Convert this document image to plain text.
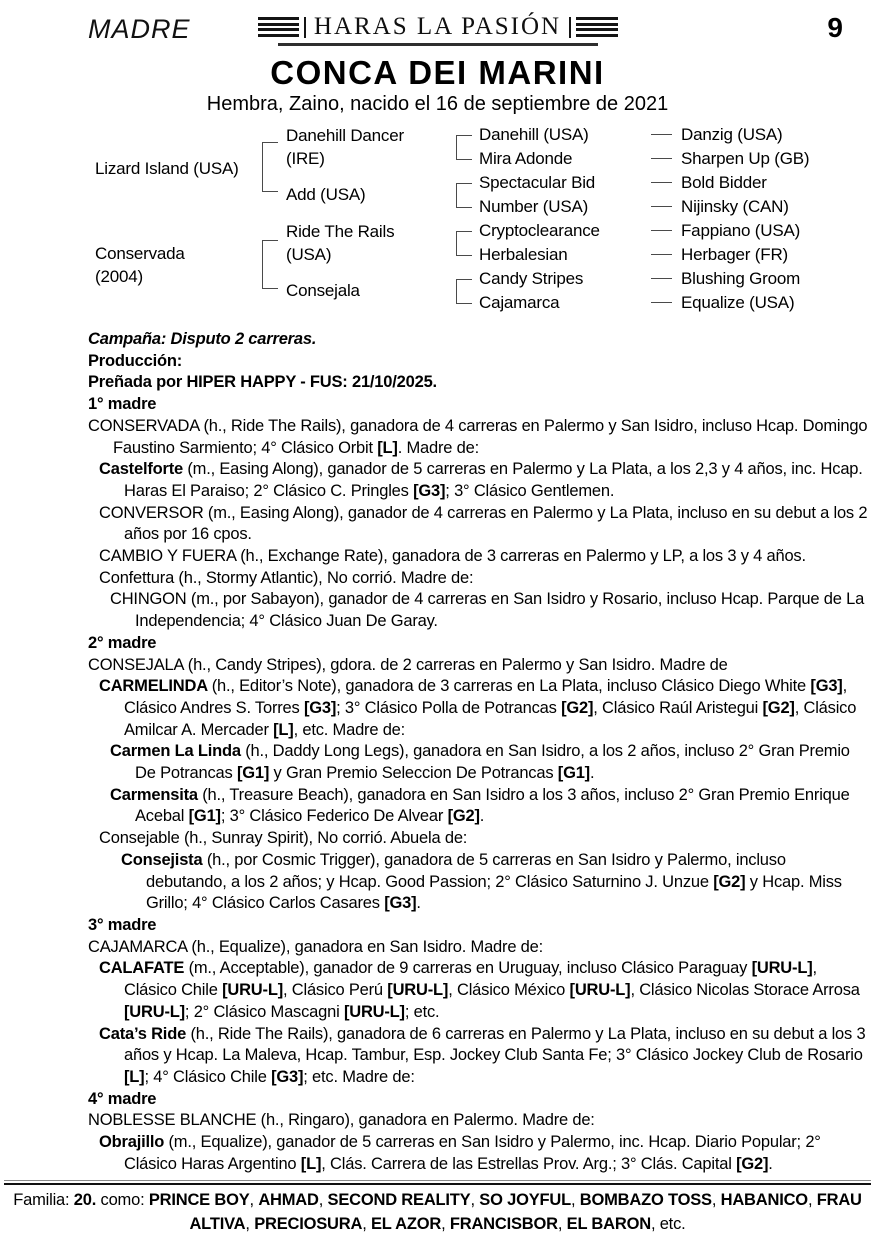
MADRE	HARAS LA PASIÓN	9
CONCA DEI MARINI
Hembra, Zaino, nacido el 16 de septiembre de 2021
Lizard Island (USA)
Conservada (2004)
Danehill Dancer (IRE)
Add (USA)
Ride The Rails (USA)
Consejala
Danehill (USA)
Mira Adonde
Spectacular Bid
Number (USA)
Cryptoclearance
Herbalesian
Candy Stripes
Cajamarca
Danzig (USA)
Sharpen Up (GB)
Bold Bidder
Nijinsky (CAN)
Fappiano (USA)
Herbager (FR)
Blushing Groom
Equalize (USA)

Campaña: Disputo 2 carreras.

Producción:

Preñada por HIPER HAPPY - FUS: 21/10/2025.

1° madre

CONSERVADA (h., Ride The Rails), ganadora de 4 carreras en Palermo y San Isidro, incluso Hcap. Domingo Faustino Sarmiento; 4° Clásico Orbit [L]. Madre de:

Castelforte (m., Easing Along), ganador de 5 carreras en Palermo y La Plata, a los 2,3 y 4 años, inc. Hcap. Haras El Paraiso; 2° Clásico C. Pringles [G3]; 3° Clásico Gentlemen.

CONVERSOR (m., Easing Along), ganador de 4 carreras en Palermo y La Plata, incluso en su debut a los 2 años por 16 cpos.

CAMBIO Y FUERA (h., Exchange Rate), ganadora de 3 carreras en Palermo y LP, a los 3 y 4 años.

Confettura (h., Stormy Atlantic), No corrió. Madre de:

CHINGON (m., por Sabayon), ganador de 4 carreras en San Isidro y Rosario, incluso Hcap. Parque de La Independencia; 4° Clásico Juan De Garay.

2° madre

CONSEJALA (h., Candy Stripes), gdora. de 2 carreras en Palermo y San Isidro. Madre de

CARMELINDA (h., Editor’s Note), ganadora de 3 carreras en La Plata, incluso Clásico Diego White [G3], Clásico Andres S. Torres [G3]; 3° Clásico Polla de Potrancas [G2], Clásico Raúl Aristegui [G2], Clásico Amilcar A. Mercader [L], etc. Madre de:

Carmen La Linda (h., Daddy Long Legs), ganadora en San Isidro, a los 2 años, incluso 2° Gran Premio De Potrancas [G1] y Gran Premio Seleccion De Potrancas [G1].

Carmensita (h., Treasure Beach), ganadora en San Isidro a los 3 años, incluso 2° Gran Premio Enrique Acebal [G1]; 3° Clásico Federico De Alvear [G2].

Consejable (h., Sunray Spirit), No corrió. Abuela de:

Consejista (h., por Cosmic Trigger), ganadora de 5 carreras en San Isidro y Palermo, incluso debutando, a los 2 años; y Hcap. Good Passion; 2° Clásico Saturnino J. Unzue [G2] y Hcap. Miss Grillo; 4° Clásico Carlos Casares [G3].

3° madre

CAJAMARCA (h., Equalize), ganadora en San Isidro. Madre de:

CALAFATE (m., Acceptable), ganador de 9 carreras en Uruguay, incluso Clásico Paraguay [URU-L], Clásico Chile [URU-L], Clásico Perú [URU-L], Clásico México [URU-L], Clásico Nicolas Storace Arrosa [URU-L]; 2° Clásico Mascagni [URU-L]; etc.

Cata’s Ride (h., Ride The Rails), ganadora de 6 carreras en Palermo y La Plata, incluso en su debut a los 3 años y Hcap. La Maleva, Hcap. Tambur, Esp. Jockey Club Santa Fe; 3° Clásico Jockey Club de Rosario [L]; 4° Clásico Chile [G3]; etc. Madre de:

4° madre

NOBLESSE BLANCHE (h., Ringaro), ganadora en Palermo. Madre de:

Obrajillo (m., Equalize), ganador de 5 carreras en San Isidro y Palermo, inc. Hcap. Diario Popular; 2° Clásico Haras Argentino [L], Clás. Carrera de las Estrellas Prov. Arg.; 3° Clás. Capital [G2].

Familia: 20. como: PRINCE BOY, AHMAD, SECOND REALITY, SO JOYFUL, BOMBAZO TOSS, HABANICO, FRAU ALTIVA, PRECIOSURA, EL AZOR, FRANCISBOR, EL BARON, etc.
